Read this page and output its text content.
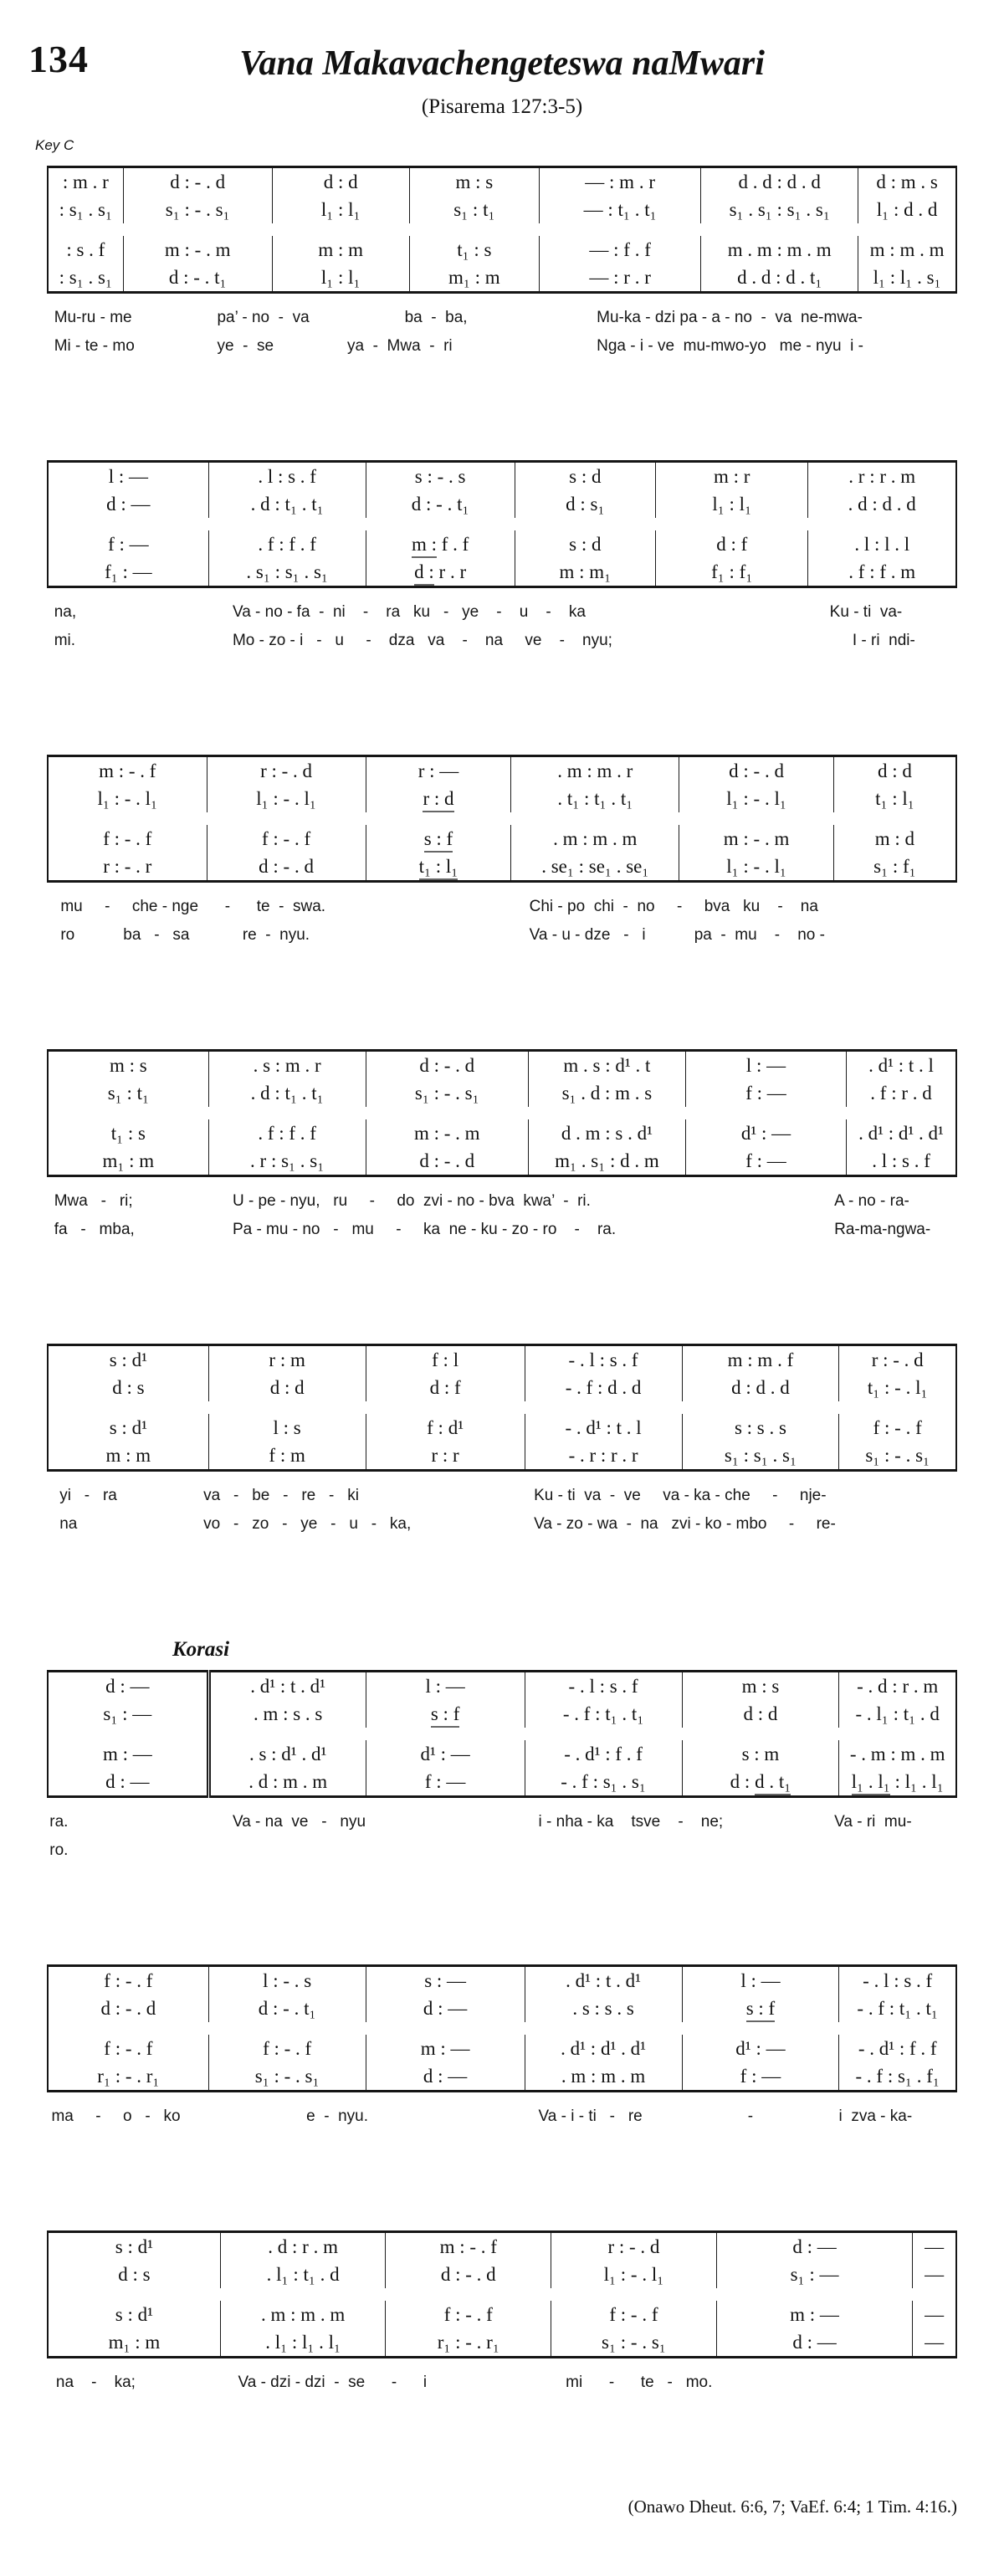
134	Vana Makavachengeteswa naMwari
(Pisarema 127:3-5)
Key C
: m . r	d : - . d	d : d	m : s	— : m . r	d . d : d . d	d : m . s
: s₁ . s₁	s₁ : - . s₁	l₁ : l₁	s₁ : t₁	— : t₁ . t₁	s₁ . s₁ : s₁ . s₁	l₁ : d . d

: s . f	m : - . m	m : m	t₁ : s	— : f . f	m . m : m . m	m : m . m
: s₁ . s₁	d : - . t₁	l₁ : l₁	m₁ : m	— : r . r	d . d : d . t₁	l₁ : l₁ . s₁
Mu-ru - me	pa’ - no  -  va	ba  -  ba,	Mu-ka - dzi pa - a - no  -  va  ne-mwa-
Mi - te - mo	ye  -  se	ya  -  Mwa  -  ri	Nga - i - ve  mu-mwo-yo   me - nyu  i -
l : —	. l : s . f	s : - . s	s : d	m : r	. r : r . m
d : —	. d : t₁ . t₁	d : - . t₁	d : s₁	l₁ : l₁	. d : d . d

f : —	. f : f . f	m : f . f	s : d	d : f	. l : l . l
f₁ : —	. s₁ : s₁ . s₁	d : r . r	m : m₁	f₁ : f₁	. f : f . m
na,	Va - no - fa  -  ni    -    ra   ku   -   ye    -    u    -    ka	Ku - ti  va-
mi.	Mo - zo - i   -   u     -    dza   va    -    na     ve    -    nyu;	I - ri  ndi-
m : - . f	r : - . d	r : —	. m : m . r	d : - . d	d : d
l₁ : - . l₁	l₁ : - . l₁	r : d	. t₁ : t₁ . t₁	l₁ : - . l₁	t₁ : l₁

f : - . f	f : - . f	s : f	. m : m . m	m : - . m	m : d
r : - . r	d : - . d	t₁ : l₁	. se₁ : se₁ . se₁	l₁ : - . l₁	s₁ : f₁
mu     -     che - nge      -      te  -  swa.	Chi - po  chi  -  no     -     bva   ku    -    na
ro           ba   -   sa            re  -  nyu.	Va - u - dze   -   i           pa  -  mu    -    no -
m : s	. s : m . r	d : - . d	m . s : d¹ . t	l : —	. d¹ : t . l
s₁ : t₁	. d : t₁ . t₁	s₁ : - . s₁	s₁ . d : m . s	f : —	. f : r . d

t₁ : s	. f : f . f	m : - . m	d . m : s . d¹	d¹ : —	. d¹ : d¹ . d¹
m₁ : m	. r : s₁ . s₁	d : - . d	m₁ . s₁ : d . m	f : —	. l : s . f
Mwa   -   ri;	U - pe - nyu,   ru     -     do  zvi - no - bva  kwa’  -  ri.	A - no - ra-
fa   -   mba,	Pa - mu - no   -   mu     -     ka  ne - ku - zo - ro    -    ra.	Ra-ma-ngwa-
s : d¹	r : m	f : l	- . l : s . f	m : m . f	r : - . d
d : s	d : d	d : f	- . f : d . d	d : d . d	t₁ : - . l₁

s : d¹	l : s	f : d¹	- . d¹ : t . l	s : s . s	f : - . f
m : m	f : m	r : r	- . r : r . r	s₁ : s₁ . s₁	s₁ : - . s₁
yi   -   ra	va   -   be   -   re   -   ki	Ku - ti  va  -  ve     va - ka - che     -     nje-
na	vo   -   zo   -   ye   -   u   -   ka,	Va - zo - wa  -  na   zvi - ko - mbo     -     re-
Korasi
d : —	. d¹ : t . d¹	l : —	- . l : s . f	m : s	- . d : r . m
s₁ : —	. m : s . s	s : f	- . f : t₁ . t₁	d : d	- . l₁ : t₁ . d

m : —	. s : d¹ . d¹	d¹ : —	- . d¹ : f . f	s : m	- . m : m . m
d : —	. d : m . m	f : —	- . f : s₁ . s₁	d : d . t₁	l₁ . l₁ : l₁ . l₁
ra.	Va - na  ve   -   nyu	i - nha - ka    tsve    -    ne;	Va - ri  mu-
ro.
f : - . f	l : - . s	s : —	. d¹ : t . d¹	l : —	- . l : s . f
d : - . d	d : - . t₁	d : —	. s : s . s	s : f	- . f : t₁ . t₁

f : - . f	f : - . f	m : —	. d¹ : d¹ . d¹	d¹ : —	- . d¹ : f . f
r₁ : - . r₁	s₁ : - . s₁	d : —	. m : m . m	f : —	- . f : s₁ . f₁
ma     -     o   -   ko	e  -  nyu.	Va - i - ti   -   re	-	i  zva - ka-
s : d¹	. d : r . m	m : - . f	r : - . d	d : —	—
d : s	. l₁ : t₁ . d	d : - . d	l₁ : - . l₁	s₁ : —	—

s : d¹	. m : m . m	f : - . f	f : - . f	m : —	—
m₁ : m	. l₁ : l₁ . l₁	r₁ : - . r₁	s₁ : - . s₁	d : —	—
na    -    ka;	Va - dzi - dzi  -  se      -      i	mi      -      te   -   mo.
(Onawo Dheut. 6:6, 7; VaEf. 6:4; 1 Tim. 4:16.)
